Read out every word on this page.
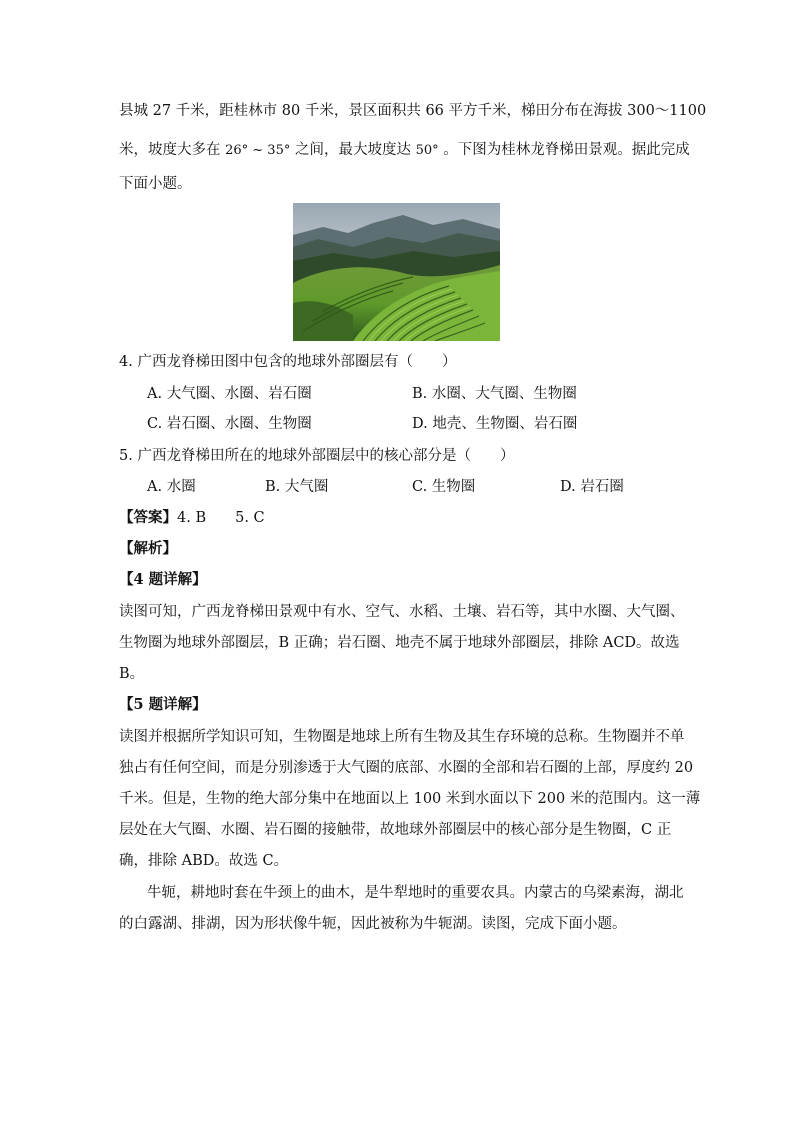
县城 27 千米，距桂林市 80 千米，景区面积共 66 平方千米，梯田分布在海拔 300～1100
米，坡度大多在 26° ~ 35° 之间，最大坡度达 50° 。下图为桂林龙脊梯田景观。据此完成
下面小题。
4. 广西龙脊梯田图中包含的地球外部圈层有（　　）
A. 大气圈、水圈、岩石圈	B. 水圈、大气圈、生物圈
C. 岩石圈、水圈、生物圈	D. 地壳、生物圈、岩石圈
5. 广西龙脊梯田所在的地球外部圈层中的核心部分是（　　）
A. 水圈	B. 大气圈	C. 生物圈	D. 岩石圈
【答案】4. B　　5. C
【解析】
【4 题详解】
读图可知，广西龙脊梯田景观中有水、空气、水稻、土壤、岩石等，其中水圈、大气圈、
生物圈为地球外部圈层，B 正确；岩石圈、地壳不属于地球外部圈层，排除 ACD。故选
B。
【5 题详解】
读图并根据所学知识可知，生物圈是地球上所有生物及其生存环境的总称。生物圈并不单
独占有任何空间，而是分别渗透于大气圈的底部、水圈的全部和岩石圈的上部，厚度约 20
千米。但是，生物的绝大部分集中在地面以上 100 米到水面以下 200 米的范围内。这一薄
层处在大气圈、水圈、岩石圈的接触带，故地球外部圈层中的核心部分是生物圈，C 正
确，排除 ABD。故选 C。
牛轭，耕地时套在牛颈上的曲木，是牛犁地时的重要农具。内蒙古的乌梁素海，湖北
的白露湖、排湖，因为形状像牛轭，因此被称为牛轭湖。读图，完成下面小题。
